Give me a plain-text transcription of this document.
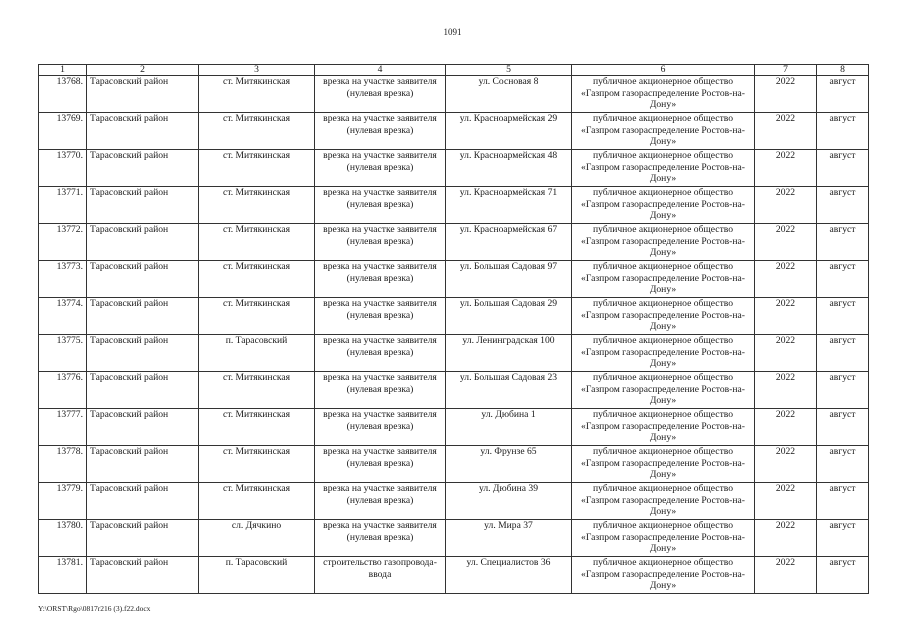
1091
1	2	3	4	5	6	7	8
13768.	Тарасовский район	ст. Митякинская	врезка на участке заявителя (нулевая врезка)	ул. Сосновая 8	публичное акционерное общество «Газпром газораспределение Ростов-на-Дону»	2022	август
13769.	Тарасовский район	ст. Митякинская	врезка на участке заявителя (нулевая врезка)	ул. Красноармейская 29	публичное акционерное общество «Газпром газораспределение Ростов-на-Дону»	2022	август
13770.	Тарасовский район	ст. Митякинская	врезка на участке заявителя (нулевая врезка)	ул. Красноармейская 48	публичное акционерное общество «Газпром газораспределение Ростов-на-Дону»	2022	август
13771.	Тарасовский район	ст. Митякинская	врезка на участке заявителя (нулевая врезка)	ул. Красноармейская 71	публичное акционерное общество «Газпром газораспределение Ростов-на-Дону»	2022	август
13772.	Тарасовский район	ст. Митякинская	врезка на участке заявителя (нулевая врезка)	ул. Красноармейская 67	публичное акционерное общество «Газпром газораспределение Ростов-на-Дону»	2022	август
13773.	Тарасовский район	ст. Митякинская	врезка на участке заявителя (нулевая врезка)	ул. Большая Садовая 97	публичное акционерное общество «Газпром газораспределение Ростов-на-Дону»	2022	август
13774.	Тарасовский район	ст. Митякинская	врезка на участке заявителя (нулевая врезка)	ул. Большая Садовая 29	публичное акционерное общество «Газпром газораспределение Ростов-на-Дону»	2022	август
13775.	Тарасовский район	п. Тарасовский	врезка на участке заявителя (нулевая врезка)	ул. Ленинградская 100	публичное акционерное общество «Газпром газораспределение Ростов-на-Дону»	2022	август
13776.	Тарасовский район	ст. Митякинская	врезка на участке заявителя (нулевая врезка)	ул. Большая Садовая 23	публичное акционерное общество «Газпром газораспределение Ростов-на-Дону»	2022	август
13777.	Тарасовский район	ст. Митякинская	врезка на участке заявителя (нулевая врезка)	ул. Дюбина 1	публичное акционерное общество «Газпром газораспределение Ростов-на-Дону»	2022	август
13778.	Тарасовский район	ст. Митякинская	врезка на участке заявителя (нулевая врезка)	ул. Фрунзе 65	публичное акционерное общество «Газпром газораспределение Ростов-на-Дону»	2022	август
13779.	Тарасовский район	ст. Митякинская	врезка на участке заявителя (нулевая врезка)	ул. Дюбина 39	публичное акционерное общество «Газпром газораспределение Ростов-на-Дону»	2022	август
13780.	Тарасовский район	сл. Дячкино	врезка на участке заявителя (нулевая врезка)	ул. Мира 37	публичное акционерное общество «Газпром газораспределение Ростов-на-Дону»	2022	август
13781.	Тарасовский район	п. Тарасовский	строительство газопровода-ввода	ул. Специалистов 36	публичное акционерное общество «Газпром газораспределение Ростов-на-Дону»	2022	август
Y:\ORST\Rgo\0817r216 (3).f22.docx
